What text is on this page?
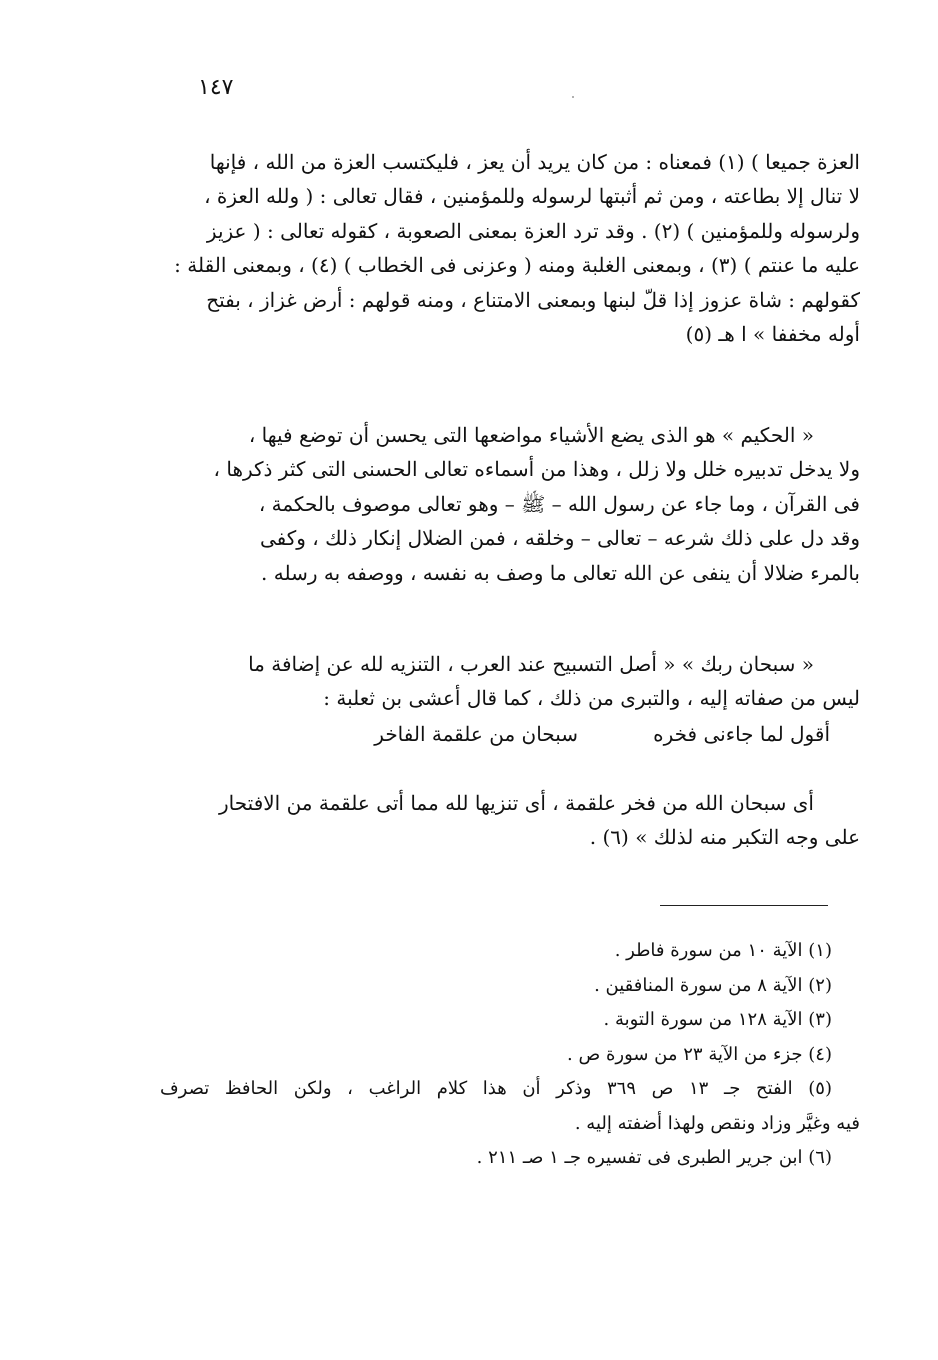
١٤٧
العزة جميعا ) (١) فمعناه : من كان يريد أن يعز ، فليكتسب العزة من الله ، فإنها
لا تنال إلا بطاعته ، ومن ثم أثبتها لرسوله وللمؤمنين ، فقال تعالى : ( ولله العزة ،
ولرسوله وللمؤمنين ) (٢) . وقد ترد العزة بمعنى الصعوبة ، كقوله تعالى : ( عزيز
عليه ما عنتم ) (٣) ، وبمعنى الغلبة ومنه ( وعزنى فى الخطاب ) (٤) ، وبمعنى القلة :
كقولهم : شاة عزوز إذا قلّ لبنها وبمعنى الامتناع ، ومنه قولهم : أرض غزاز ، بفتح
أوله مخففا » ا هـ (٥)
« الحكيم » هو الذى يضع الأشياء مواضعها التى يحسن أن توضع فيها ،
ولا يدخل تدبيره خلل ولا زلل ، وهذا من أسماءه تعالى الحسنى التى كثر ذكرها ،
فى القرآن ، وما جاء عن رسول الله – ﷺ – وهو تعالى موصوف بالحكمة ،
وقد دل على ذلك شرعه – تعالى – وخلقه ، فمن الضلال إنكار ذلك ، وكفى
بالمرء ضلالا أن ينفى عن الله تعالى ما وصف به نفسه ، ووصفه به رسله .
« سبحان ربك » « أصل التسبيح عند العرب ، التنزيه لله عن إضافة ما
ليس من صفاته إليه ، والتبرى من ذلك ، كما قال أعشى بن ثعلبة :
أقول لما جاءنى فخره
سبحان من علقمة الفاخر
أى سبحان الله من فخر علقمة ، أى تنزيها لله مما أتى علقمة من الافتحار
على وجه التكبر منه لذلك » (٦) .
(١) الآية ١٠ من سورة فاطر .
(٢) الآية ٨ من سورة المنافقين .
(٣) الآية ١٢٨ من سورة التوبة .
(٤) جزء من الآية ٢٣ من سورة ص .
(٥) الفتح جـ ١٣ ص ٣٦٩ وذكر أن هذا كلام الراغب ، ولكن الحافظ تصرف
فيه وغيَّر وزاد ونقص ولهذا أضفته إليه .
(٦) ابن جرير الطبرى فى تفسيره جـ ١ صـ ٢١١ .
